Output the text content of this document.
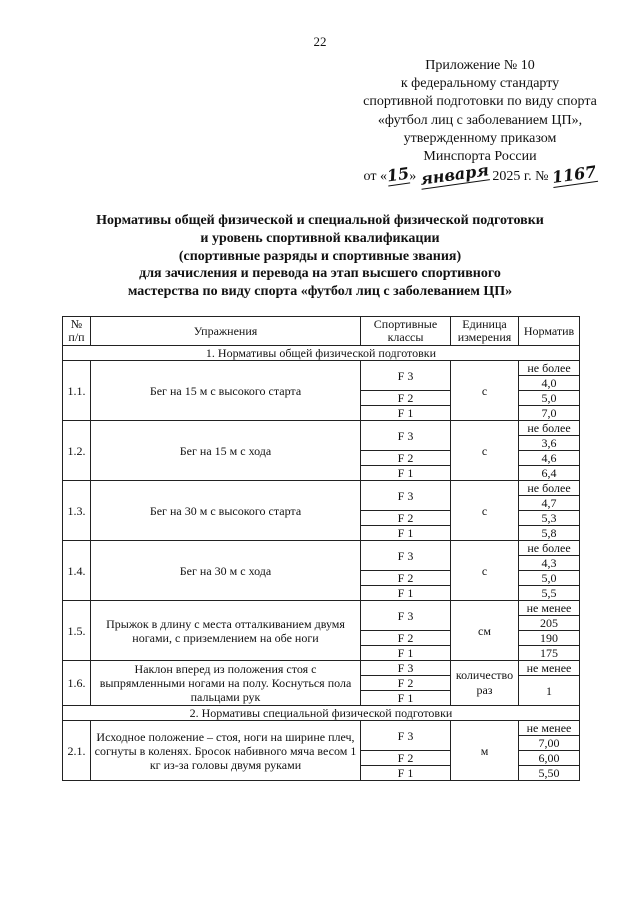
22
Приложение № 10
к федеральному стандарту
спортивной подготовки по виду спорта
«футбол лиц с заболеванием ЦП»,
утвержденному приказом
Минспорта России
от «15» января 2025 г. № 1167
Нормативы общей физической и специальной физической подготовки
и уровень спортивной квалификации
(спортивные разряды и спортивные звания)
для зачисления и перевода на этап высшего спортивного
мастерства по виду спорта «футбол лиц с заболеванием ЦП»
№ п/п	Упражнения	Спортивные классы	Единица измерения	Норматив
1. Нормативы общей физической подготовки				
1.1.	Бег на 15 м с высокого старта	F 3	с	не более
				4,0
		F 2		5,0
		F 1		7,0
1.2.	Бег на 15 м с хода	F 3	с	не более
				3,6
		F 2		4,6
		F 1		6,4
1.3.	Бег на 30 м с высокого старта	F 3	с	не более
				4,7
		F 2		5,3
		F 1		5,8
1.4.	Бег на 30 м с хода	F 3	с	не более
				4,3
		F 2		5,0
		F 1		5,5
1.5.	Прыжок в длину с места отталкиванием двумя ногами, с приземлением на обе ноги	F 3	см	не менее
				205
		F 2		190
		F 1		175
1.6.	Наклон вперед из положения стоя с выпрямленными ногами на полу. Коснуться пола пальцами рук	F 3	количество раз	не менее
				1
		F 2		
		F 1		
2. Нормативы специальной физической подготовки				
2.1.	Исходное положение – стоя, ноги на ширине плеч, согнуты в коленях. Бросок набивного мяча весом 1 кг из-за головы двумя руками	F 3	м	не менее
				7,00
		F 2		6,00
		F 1		5,50
